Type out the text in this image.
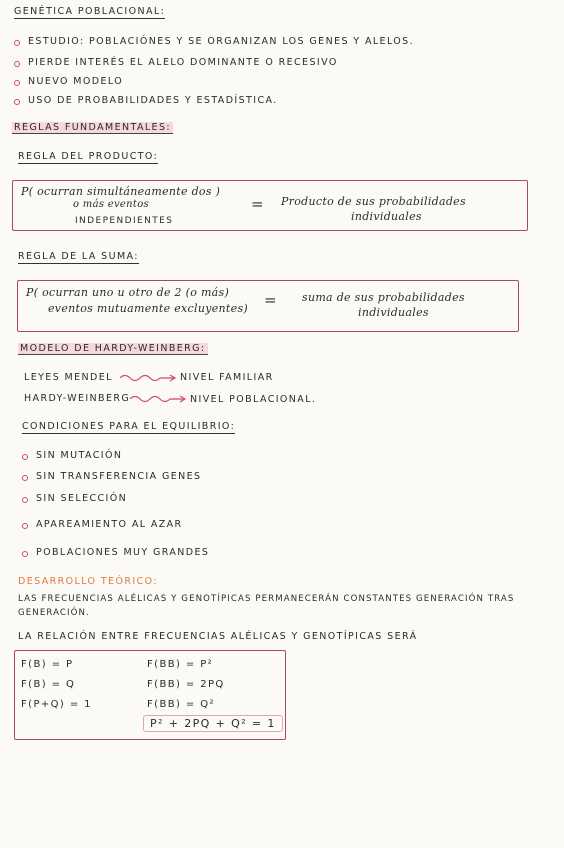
GENÉTICA POBLACIONAL:
ESTUDIO: POBLACIÓNES Y SE ORGANIZAN LOS GENES Y ALELOS.
PIERDE INTERÉS EL ALELO DOMINANTE O RECESIVO
NUEVO MODELO
USO DE PROBABILIDADES Y ESTADÍSTICA.
REGLAS FUNDAMENTALES:
REGLA DEL PRODUCTO:
P( ocurran simultáneamente dos )
o más eventos
INDEPENDIENTES
= Producto de sus probabilidades
individuales
REGLA DE LA SUMA:
P( ocurran uno u otro de 2 (o más)
eventos mutuamente excluyentes) = suma de sus probabilidades
individuales
MODELO DE HARDY-WEINBERG:
LEYES MENDEL	NIVEL FAMILIAR
HARDY-WEINBERG	NIVEL POBLACIONAL.
CONDICIONES PARA EL EQUILIBRIO:
SIN MUTACIÓN
SIN TRANSFERENCIA GENES
SIN SELECCIÓN
APAREAMIENTO AL AZAR
POBLACIONES MUY GRANDES
DESARROLLO TEÓRICO:
LAS FRECUENCIAS ALÉLICAS Y GENOTÍPICAS PERMANECERÁN CONSTANTES GENERACIÓN TRAS
GENERACIÓN.
LA RELACIÓN ENTRE FRECUENCIAS ALÉLICAS Y GENOTÍPICAS SERÁ
F(B) = P
F(B) = Q
F(P+Q) = 1
F(BB) = P²
F(BB) = 2PQ
F(BB) = Q²
P² + 2PQ + Q² = 1
